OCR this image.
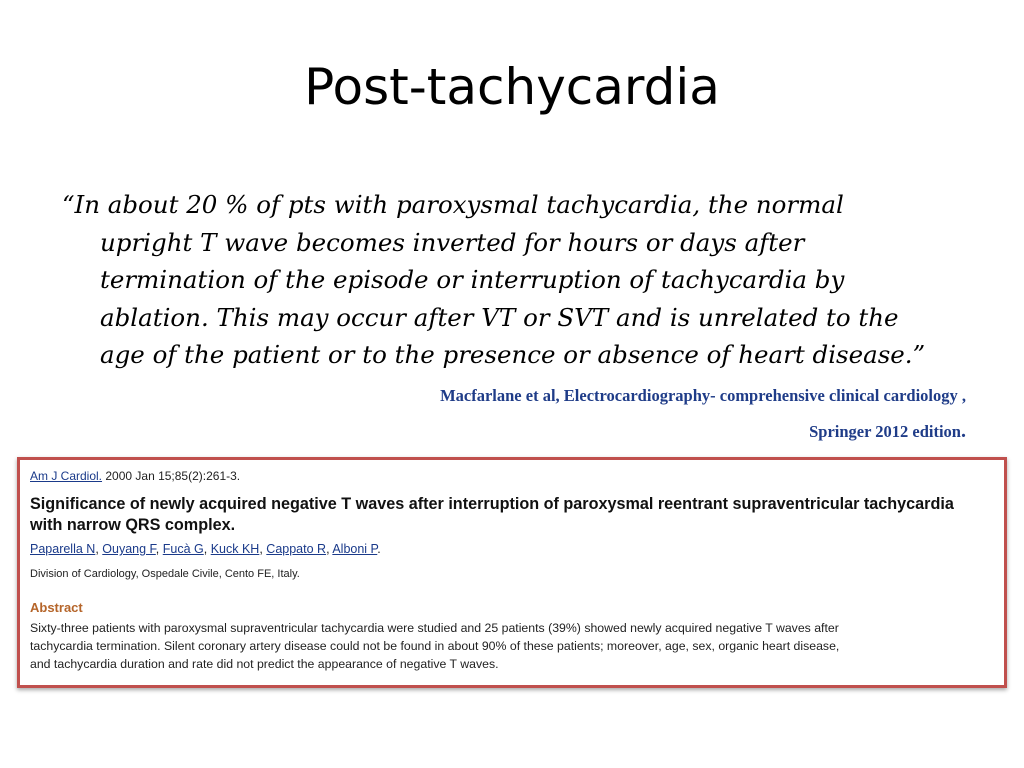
Post-tachycardia
“In about 20 % of pts with paroxysmal tachycardia, the normal
upright T wave becomes inverted for hours or days after
termination of the episode or interruption of tachycardia by
ablation. This may occur after VT or SVT and is unrelated to the
age of the patient or to the presence or absence of heart disease.”
Macfarlane et al, Electrocardiography- comprehensive clinical cardiology ,
Springer 2012 edition.
Am J Cardiol. 2000 Jan 15;85(2):261-3.
Significance of newly acquired negative T waves after interruption of paroxysmal reentrant supraventricular tachycardia with narrow QRS complex.
Paparella N, Ouyang F, Fucà G, Kuck KH, Cappato R, Alboni P.
Division of Cardiology, Ospedale Civile, Cento FE, Italy.
Abstract
Sixty-three patients with paroxysmal supraventricular tachycardia were studied and 25 patients (39%) showed newly acquired negative T waves after
tachycardia termination. Silent coronary artery disease could not be found in about 90% of these patients; moreover, age, sex, organic heart disease,
and tachycardia duration and rate did not predict the appearance of negative T waves.
